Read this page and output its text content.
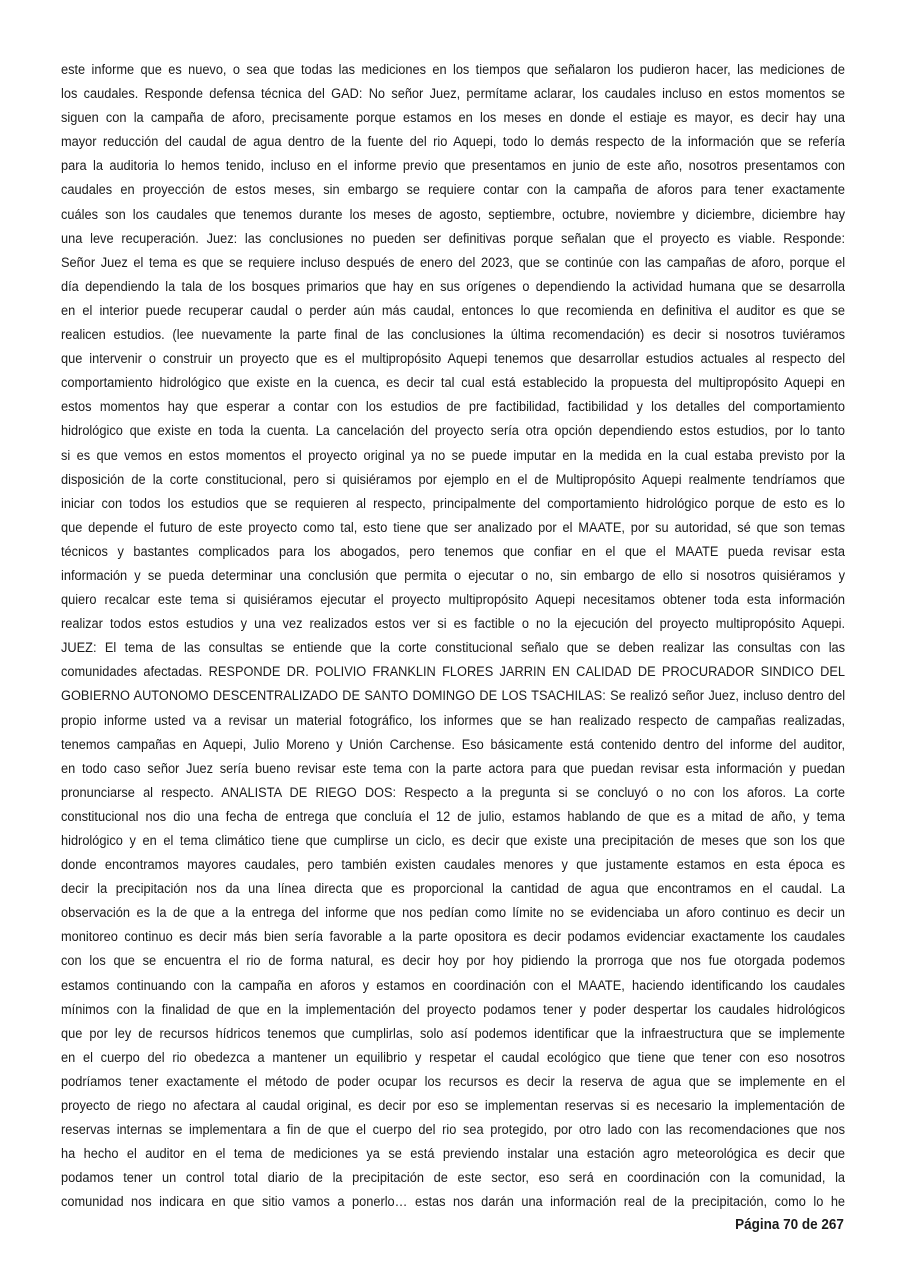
este informe que es nuevo, o sea que todas las mediciones en los tiempos que señalaron los pudieron hacer, las mediciones de
los caudales. Responde defensa técnica del GAD: No señor Juez, permítame aclarar, los caudales incluso en estos momentos se
siguen con la campaña de aforo, precisamente porque estamos en los meses en donde el estiaje es mayor, es decir hay una
mayor reducción del caudal de agua dentro de la fuente del rio Aquepi, todo lo demás respecto de la información que se refería
para la auditoria lo hemos tenido, incluso en el informe previo que presentamos en junio de este año, nosotros presentamos con
caudales en proyección de estos meses, sin embargo se requiere contar con la campaña de aforos para tener exactamente
cuáles son los caudales que tenemos durante los meses de agosto, septiembre, octubre, noviembre y diciembre, diciembre hay
una leve recuperación. Juez: las conclusiones no pueden ser definitivas porque señalan que el proyecto es viable. Responde:
Señor Juez el tema es que se requiere incluso después de enero del 2023, que se continúe con las campañas de aforo, porque el
día dependiendo la tala de los bosques primarios que hay en sus orígenes o dependiendo la actividad humana que se desarrolla
en el interior puede recuperar caudal o perder aún más caudal, entonces lo que recomienda en definitiva el auditor es que se
realicen estudios. (lee nuevamente la parte final de las conclusiones la última recomendación) es decir si nosotros tuviéramos
que intervenir o construir un proyecto que es el multipropósito Aquepi tenemos que desarrollar estudios actuales al respecto del
comportamiento hidrológico que existe en la cuenca, es decir tal cual está establecido la propuesta del multipropósito Aquepi en
estos momentos hay que esperar a contar con los estudios de pre factibilidad, factibilidad y los detalles del comportamiento
hidrológico que existe en toda la cuenta. La cancelación del proyecto sería otra opción dependiendo estos estudios, por lo tanto
si es que vemos en estos momentos el proyecto original ya no se puede imputar en la medida en la cual estaba previsto por la
disposición de la corte constitucional, pero si quisiéramos por ejemplo en el de Multipropósito Aquepi realmente tendríamos que
iniciar con todos los estudios que se requieren al respecto, principalmente del comportamiento hidrológico porque de esto es lo
que depende el futuro de este proyecto como tal, esto tiene que ser analizado por el MAATE, por su autoridad, sé que son temas
técnicos y bastantes complicados para los abogados, pero tenemos que confiar en el que el MAATE pueda revisar esta
información y se pueda determinar una conclusión que permita o ejecutar o no, sin embargo de ello si nosotros quisiéramos y
quiero recalcar este tema si quisiéramos ejecutar el proyecto multipropósito Aquepi necesitamos obtener toda esta información
realizar todos estos estudios y una vez realizados estos ver si es factible o no la ejecución del proyecto multipropósito Aquepi.
JUEZ: El tema de las consultas se entiende que la corte constitucional señalo que se deben realizar las consultas con las
comunidades afectadas. RESPONDE DR. POLIVIO FRANKLIN FLORES JARRIN EN CALIDAD DE PROCURADOR SINDICO DEL
GOBIERNO AUTONOMO DESCENTRALIZADO DE SANTO DOMINGO DE LOS TSACHILAS: Se realizó señor Juez, incluso dentro del
propio informe usted va a revisar un material fotográfico, los informes que se han realizado respecto de campañas realizadas,
tenemos campañas en Aquepi, Julio Moreno y Unión Carchense. Eso básicamente está contenido dentro del informe del auditor,
en todo caso señor Juez sería bueno revisar este tema con la parte actora para que puedan revisar esta información y puedan
pronunciarse al respecto. ANALISTA DE RIEGO DOS: Respecto a la pregunta si se concluyó o no con los aforos. La corte
constitucional nos dio una fecha de entrega que concluía el 12 de julio, estamos hablando de que es a mitad de año, y tema
hidrológico y en el tema climático tiene que cumplirse un ciclo, es decir que existe una precipitación de meses que son los que
donde encontramos mayores caudales, pero también existen caudales menores y que justamente estamos en esta época es
decir la precipitación nos da una línea directa que es proporcional la cantidad de agua que encontramos en el caudal. La
observación es la de que a la entrega del informe que nos pedían como límite no se evidenciaba un aforo continuo es decir un
monitoreo continuo es decir más bien sería favorable a la parte opositora es decir podamos evidenciar exactamente los caudales
con los que se encuentra el rio de forma natural, es decir hoy por hoy pidiendo la prorroga que nos fue otorgada podemos
estamos continuando con la campaña en aforos y estamos en coordinación con el MAATE, haciendo identificando los caudales
mínimos con la finalidad de que en la implementación del proyecto podamos tener y poder despertar los caudales hidrológicos
que por ley de recursos hídricos tenemos que cumplirlas, solo así podemos identificar que la infraestructura que se implemente
en el cuerpo del rio obedezca a mantener un equilibrio y respetar el caudal ecológico que tiene que tener con eso nosotros
podríamos tener exactamente el método de poder ocupar los recursos es decir la reserva de agua que se implemente en el
proyecto de riego no afectara al caudal original, es decir por eso se implementan reservas si es necesario la implementación de
reservas internas se implementara a fin de que el cuerpo del rio sea protegido, por otro lado con las recomendaciones que nos
ha hecho el auditor en el tema de mediciones ya se está previendo instalar una estación agro meteorológica es decir que
podamos tener un control total diario de la precipitación de este sector, eso será en coordinación con la comunidad, la
comunidad nos indicara en que sitio vamos a ponerlo… estas nos darán una información real de la precipitación, como lo he
Página 70 de 267
